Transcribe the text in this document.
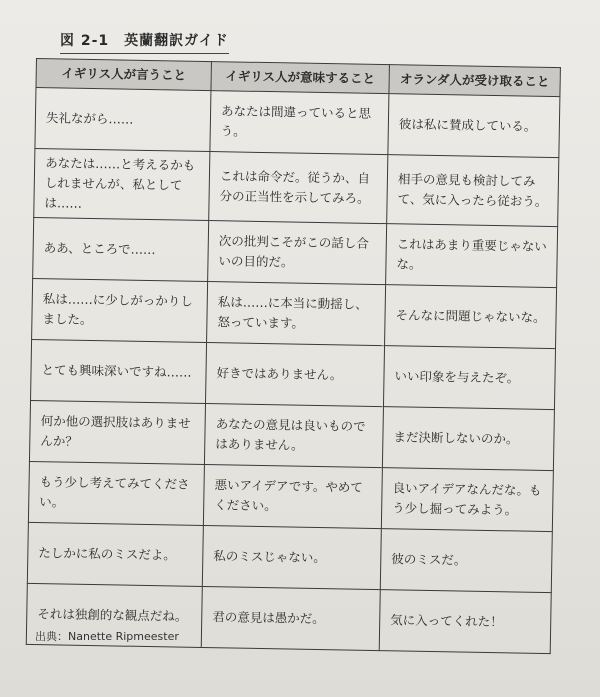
図 2-1　英蘭翻訳ガイド
イギリス人が言うこと	イギリス人が意味すること	オランダ人が受け取ること
失礼ながら……	あなたは間違っていると思う。	彼は私に賛成している。
あなたは……と考えるかもしれませんが、私としては……	これは命令だ。従うか、自分の正当性を示してみろ。	相手の意見も検討してみて、気に入ったら従おう。
ああ、ところで……	次の批判こそがこの話し合いの目的だ。	これはあまり重要じゃないな。
私は……に少しがっかりしました。	私は……に本当に動揺し、怒っています。	そんなに問題じゃないな。
とても興味深いですね……	好きではありません。	いい印象を与えたぞ。
何か他の選択肢はありませんか？	あなたの意見は良いものではありません。	まだ決断しないのか。
もう少し考えてみてください。	悪いアイデアです。やめてください。	良いアイデアなんだな。もう少し掘ってみよう。
たしかに私のミスだよ。	私のミスじゃない。	彼のミスだ。
それは独創的な観点だね。	君の意見は愚かだ。	気に入ってくれた！
出典：Nanette Ripmeester
